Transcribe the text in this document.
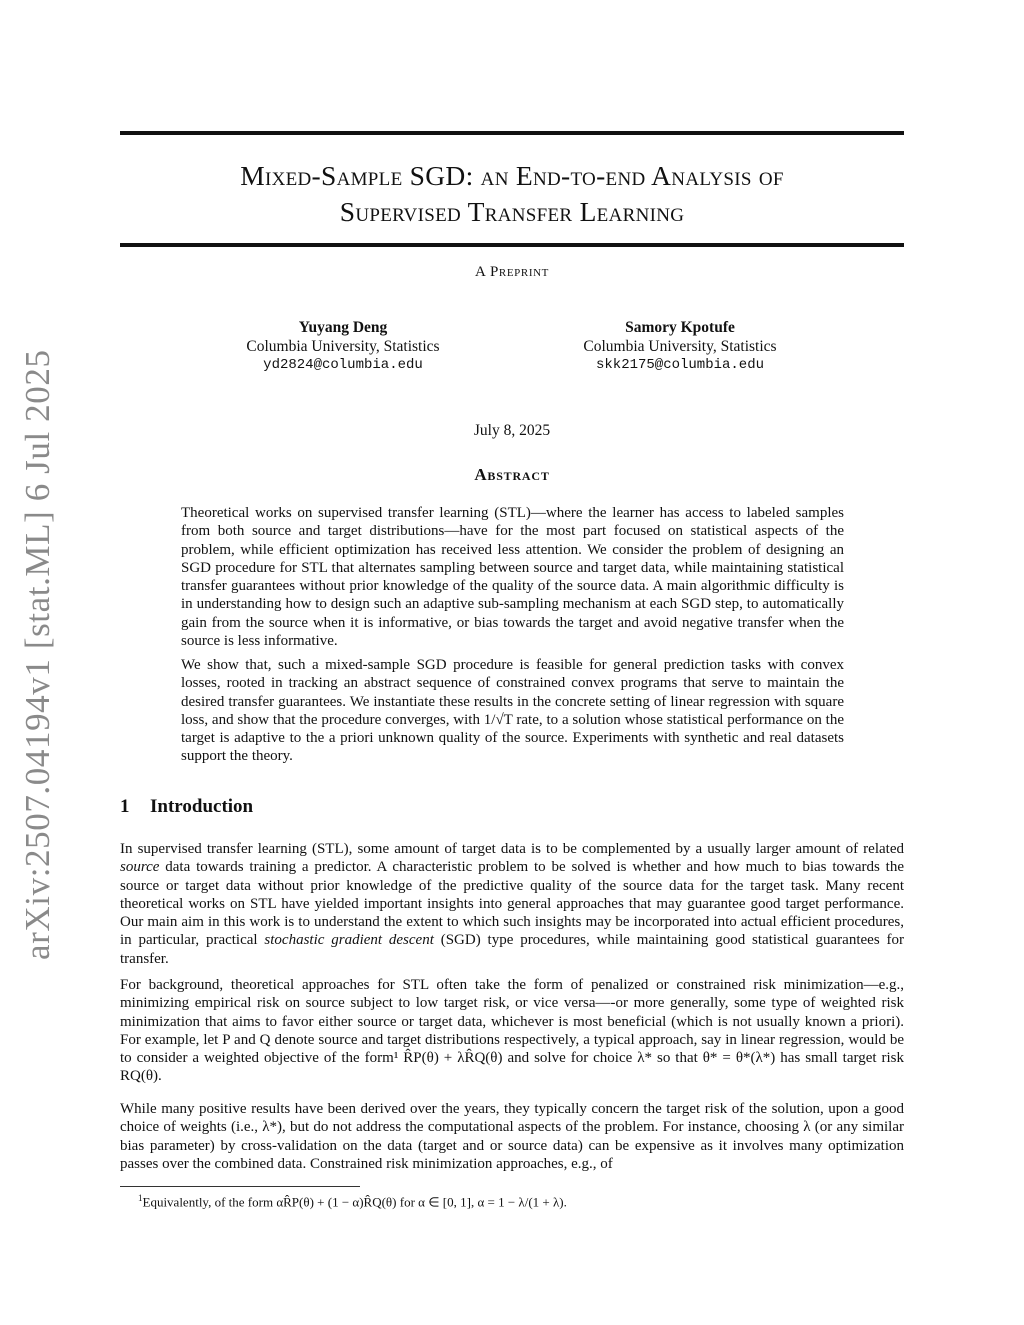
arXiv:2507.04194v1 [stat.ML] 6 Jul 2025
Mixed-Sample SGD: an End-to-end Analysis of
Supervised Transfer Learning
A Preprint
Yuyang Deng
Columbia University, Statistics
yd2824@columbia.edu
Samory Kpotufe
Columbia University, Statistics
skk2175@columbia.edu
July 8, 2025
Abstract

Theoretical works on supervised transfer learning (STL)—where the learner has access to labeled samples from both source and target distributions—have for the most part focused on statistical aspects of the problem, while efficient optimization has received less attention. We consider the problem of designing an SGD procedure for STL that alternates sampling between source and target data, while maintaining statistical transfer guarantees without prior knowledge of the quality of the source data. A main algorithmic difficulty is in understanding how to design such an adaptive sub-sampling mechanism at each SGD step, to automatically gain from the source when it is informative, or bias towards the target and avoid negative transfer when the source is less informative.

We show that, such a mixed-sample SGD procedure is feasible for general prediction tasks with convex losses, rooted in tracking an abstract sequence of constrained convex programs that serve to maintain the desired transfer guarantees. We instantiate these results in the concrete setting of linear regression with square loss, and show that the procedure converges, with 1/√T rate, to a solution whose statistical performance on the target is adaptive to the a priori unknown quality of the source. Experiments with synthetic and real datasets support the theory.

1 Introduction

In supervised transfer learning (STL), some amount of target data is to be complemented by a usually larger amount of related source data towards training a predictor. A characteristic problem to be solved is whether and how much to bias towards the source or target data without prior knowledge of the predictive quality of the source data for the target task. Many recent theoretical works on STL have yielded important insights into general approaches that may guarantee good target performance. Our main aim in this work is to understand the extent to which such insights may be incorporated into actual efficient procedures, in particular, practical stochastic gradient descent (SGD) type procedures, while maintaining good statistical guarantees for transfer.

For background, theoretical approaches for STL often take the form of penalized or constrained risk minimization—e.g., minimizing empirical risk on source subject to low target risk, or vice versa—-or more generally, some type of weighted risk minimization that aims to favor either source or target data, whichever is most beneficial (which is not usually known a priori). For example, let P and Q denote source and target distributions respectively, a typical approach, say in linear regression, would be to consider a weighted objective of the form¹ R̂P(θ) + λR̂Q(θ) and solve for choice λ* so that θ* = θ*(λ*) has small target risk RQ(θ).

While many positive results have been derived over the years, they typically concern the target risk of the solution, upon a good choice of weights (i.e., λ*), but do not address the computational aspects of the problem. For instance, choosing λ (or any similar bias parameter) by cross-validation on the data (target and or source data) can be expensive as it involves many optimization passes over the combined data. Constrained risk minimization approaches, e.g., of

$^1$Equivalently, of the form αR̂P(θ) + (1 − α)R̂Q(θ) for α ∈ [0, 1], α = 1 − λ/(1 + λ).
